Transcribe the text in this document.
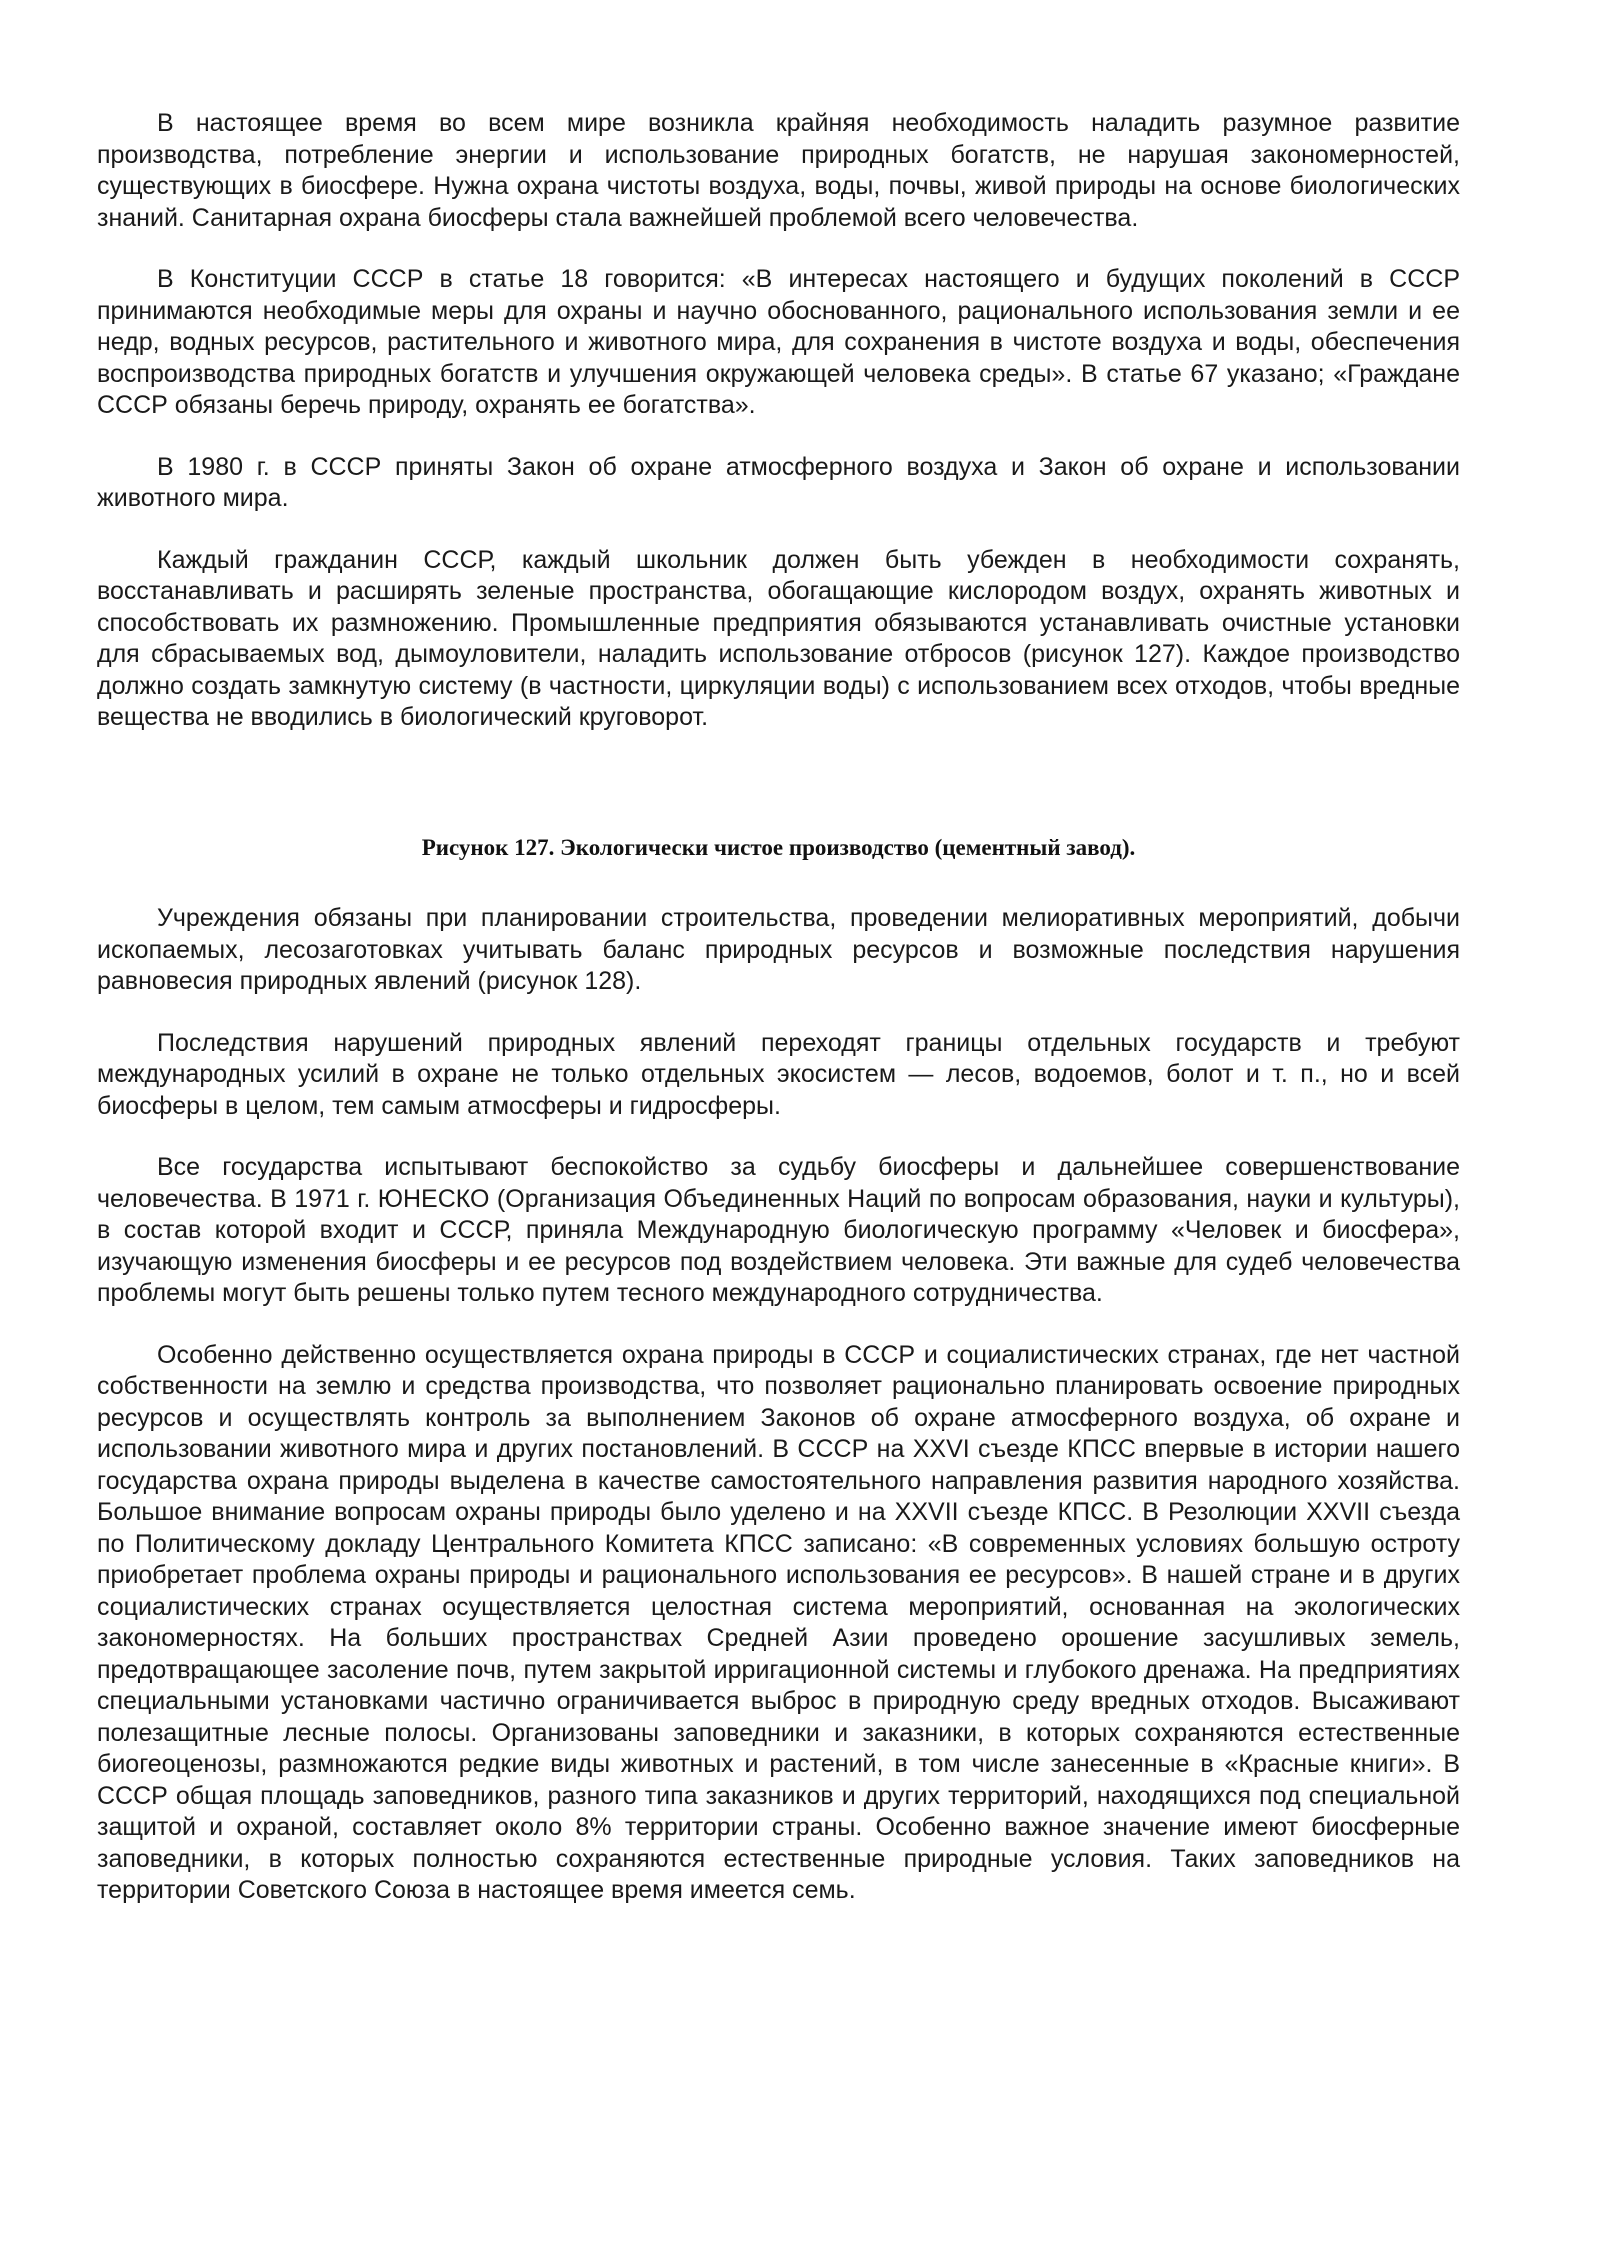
В настоящее время во всем мире возникла крайняя необходимость наладить разумное развитие производства, потребление энергии и использование природных богатств, не нарушая закономерностей, существующих в биосфере. Нужна охрана чистоты воздуха, воды, почвы, живой природы на основе биологических знаний. Санитарная охрана биосферы стала важнейшей проблемой всего человечества.

В Конституции СССР в статье 18 говорится: «В интересах настоящего и будущих поколений в СССР принимаются необходимые меры для охраны и научно обоснованного, рационального использования земли и ее недр, водных ресурсов, растительного и животного мира, для сохранения в чистоте воздуха и воды, обеспечения воспроизводства природных богатств и улучшения окружающей человека среды». В статье 67 указано; «Граждане СССР обязаны беречь природу, охранять ее богатства».

В 1980 г. в СССР приняты Закон об охране атмосферного воздуха и Закон об охране и использовании животного мира.

Каждый гражданин СССР, каждый школьник должен быть убежден в необходимости сохранять, восстанавливать и расширять зеленые пространства, обогащающие кислородом воздух, охранять животных и способствовать их размножению. Промышленные предприятия обязываются устанавливать очистные установки для сбрасываемых вод, дымоуловители, наладить использование отбросов (рисунок 127). Каждое производство должно создать замкнутую систему (в частности, циркуляции воды) с использованием всех отходов, чтобы вредные вещества не вводились в биологический круговорот.

Рисунок 127. Экологически чистое производство (цементный завод).

Учреждения обязаны при планировании строительства, проведении мелиоративных мероприятий, добычи ископаемых, лесозаготовках учитывать баланс природных ресурсов и возможные последствия нарушения равновесия природных явлений (рисунок 128).

Последствия нарушений природных явлений переходят границы отдельных государств и требуют международных усилий в охране не только отдельных экосистем — лесов, водоемов, болот и т. п., но и всей биосферы в целом, тем самым атмосферы и гидросферы.

Все государства испытывают беспокойство за судьбу биосферы и дальнейшее совершенствование человечества. В 1971 г. ЮНЕСКО (Организация Объединенных Наций по вопросам образования, науки и культуры), в состав которой входит и СССР, приняла Международную биологическую программу «Человек и биосфера», изучающую изменения биосферы и ее ресурсов под воздействием человека. Эти важные для судеб человечества проблемы могут быть решены только путем тесного международного сотрудничества.

Особенно действенно осуществляется охрана природы в СССР и социалистических странах, где нет частной собственности на землю и средства производства, что позволяет рационально планировать освоение природных ресурсов и осуществлять контроль за выполнением Законов об охране атмосферного воздуха, об охране и использовании животного мира и других постановлений. В СССР на XXVI съезде КПСС впервые в истории нашего государства охрана природы выделена в качестве самостоятельного направления развития народного хозяйства. Большое внимание вопросам охраны природы было уделено и на XXVII съезде КПСС. В Резолюции XXVII съезда по Политическому докладу Центрального Комитета КПСС записано: «В современных условиях большую остроту приобретает проблема охраны природы и рационального использования ее ресурсов». В нашей стране и в других социалистических странах осуществляется целостная система мероприятий, основанная на экологических закономерностях. На больших пространствах Средней Азии проведено орошение засушливых земель, предотвращающее засоление почв, путем закрытой ирригационной системы и глубокого дренажа. На предприятиях специальными установками частично ограничивается выброс в природную среду вредных отходов. Высаживают полезащитные лесные полосы. Организованы заповедники и заказники, в которых сохраняются естественные биогеоценозы, размножаются редкие виды животных и растений, в том числе занесенные в «Красные книги». В СССР общая площадь заповедников, разного типа заказников и других территорий, находящихся под специальной защитой и охраной, составляет около 8% территории страны. Особенно важное значение имеют биосферные заповедники, в которых полностью сохраняются естественные природные условия. Таких заповедников на территории Советского Союза в настоящее время имеется семь.
